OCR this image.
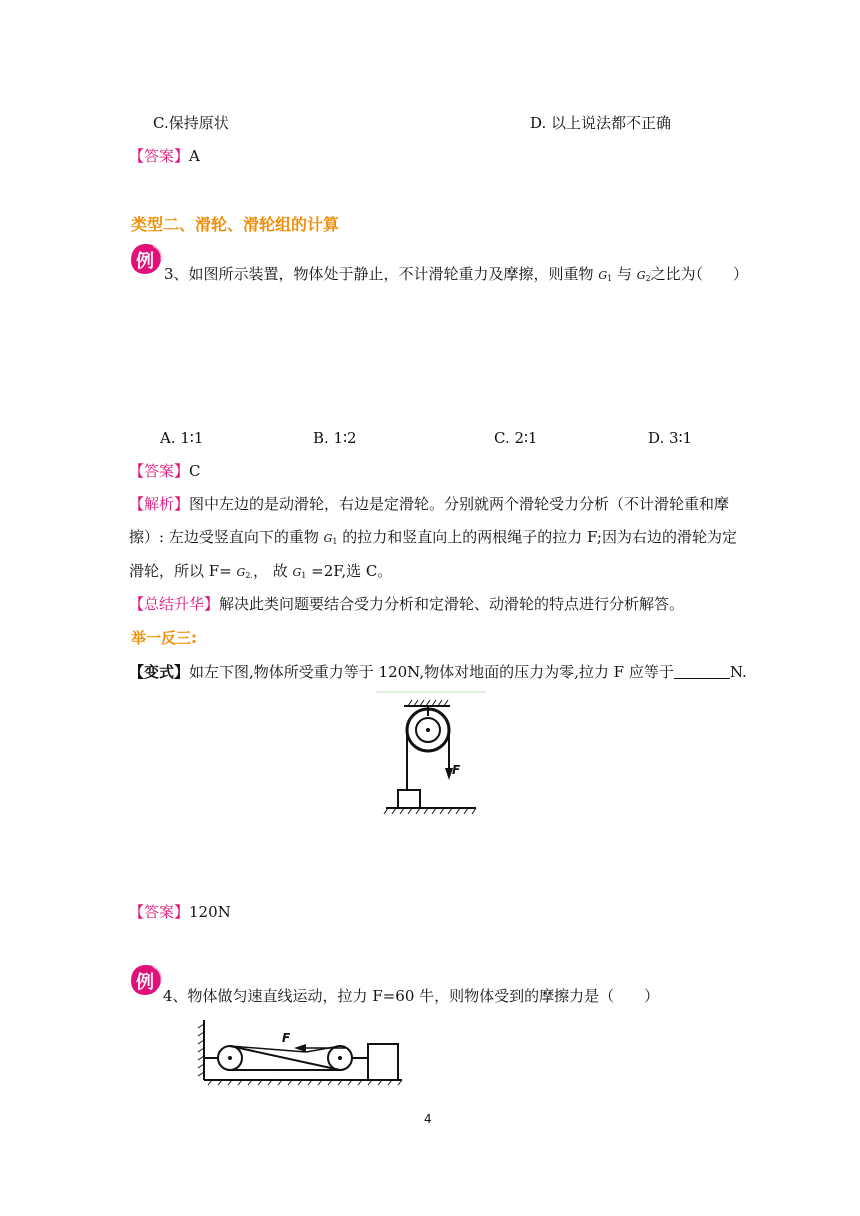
C.保持原状	D. 以上说法都不正确
【答案】A
类型二、滑轮、滑轮组的计算
例
3、如图所示装置，物体处于静止，不计滑轮重力及摩擦，则重物 $G_1$ 与 $G_2$之比为
（　　）
A. 1∶1	B. 1∶2	C. 2∶1	D. 3∶1
【答案】C
【解析】图中左边的是动滑轮，右边是定滑轮。分别就两个滑轮受力分析（不计滑轮重和摩
擦）: 左边受竖直向下的重物 $G_1$ 的拉力和竖直向上的两根绳子的拉力 F;因为右边的滑轮为定
滑轮，所以 $F= G_{2.}$， 故 $G_1 =2F$,选 C。
【总结升华】解决此类问题要结合受力分析和定滑轮、动滑轮的特点进行分析解答。
举一反三:
【变式】如左下图,物体所受重力等于 120N,物体对地面的压力为零,拉力 F 应等于	N.
F
【答案】120N
例
4、物体做匀速直线运动，拉力 F=60 牛，则物体受到的摩擦力是（　　）
F
4
